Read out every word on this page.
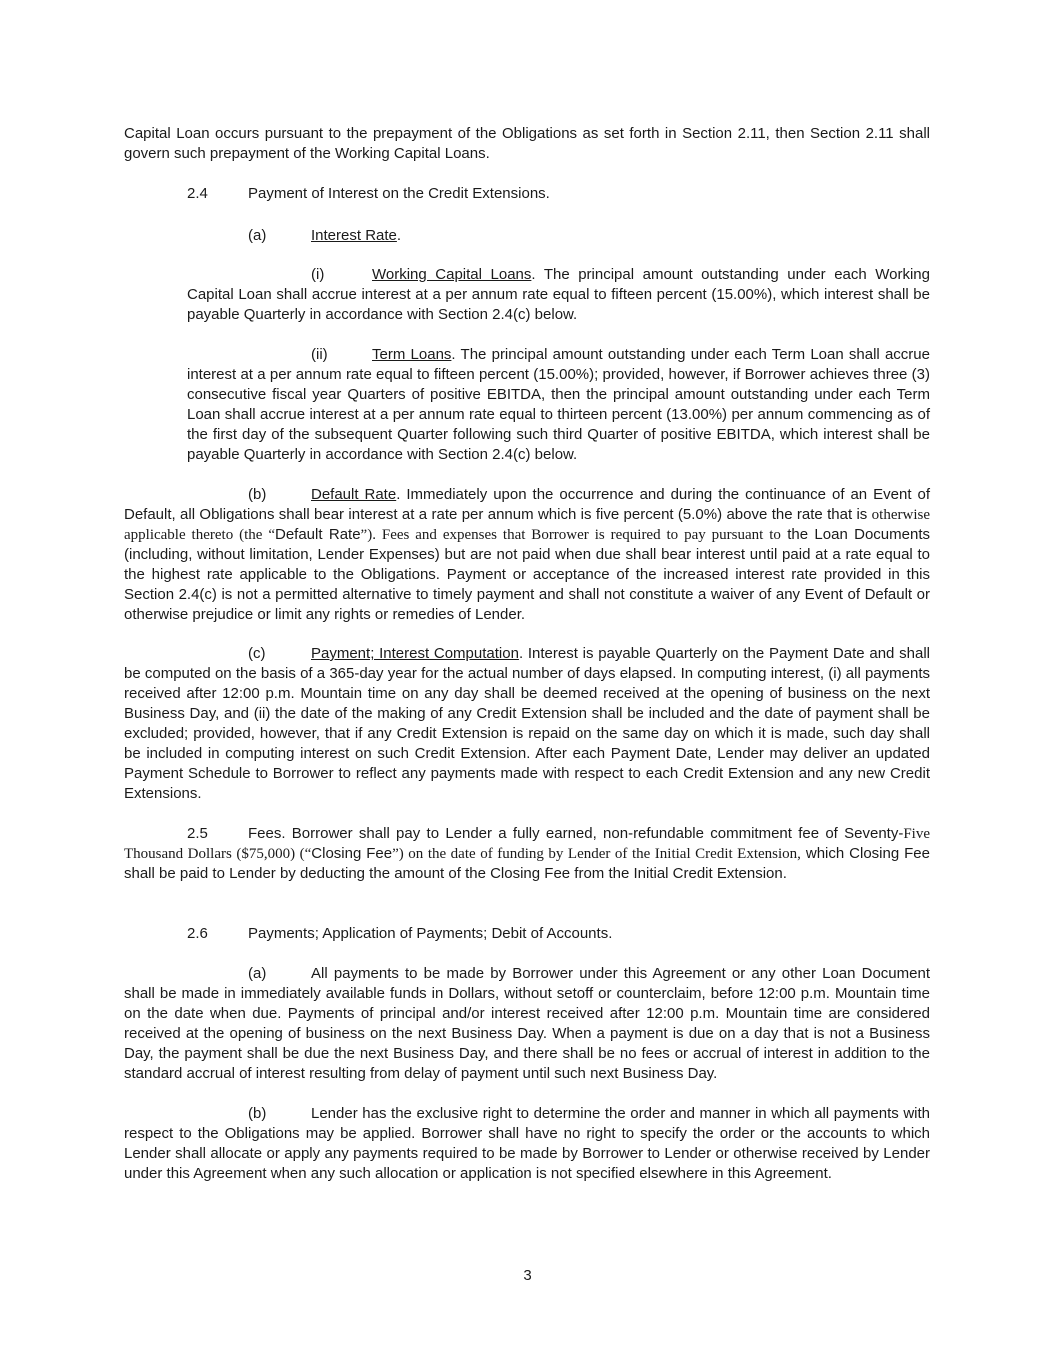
Capital Loan occurs pursuant to the prepayment of the Obligations as set forth in Section 2.11, then Section 2.11 shall govern such prepayment of the Working Capital Loans.

2.4	Payment of Interest on the Credit Extensions.

(a)	Interest Rate.

(i)	Working Capital Loans. The principal amount outstanding under each Working Capital Loan shall accrue interest at a per annum rate equal to fifteen percent (15.00%), which interest shall be payable Quarterly in accordance with Section 2.4(c) below.

(ii)	Term Loans. The principal amount outstanding under each Term Loan shall accrue interest at a per annum rate equal to fifteen percent (15.00%); provided, however, if Borrower achieves three (3) consecutive fiscal year Quarters of positive EBITDA, then the principal amount outstanding under each Term Loan shall accrue interest at a per annum rate equal to thirteen percent (13.00%) per annum commencing as of the first day of the subsequent Quarter following such third Quarter of positive EBITDA, which interest shall be payable Quarterly in accordance with Section 2.4(c) below.

(b)	Default Rate. Immediately upon the occurrence and during the continuance of an Event of Default, all Obligations shall bear interest at a rate per annum which is five percent (5.0%) above the rate that is otherwise applicable thereto (the “Default Rate”). Fees and expenses that Borrower is required to pay pursuant to the Loan Documents (including, without limitation, Lender Expenses) but are not paid when due shall bear interest until paid at a rate equal to the highest rate applicable to the Obligations. Payment or acceptance of the increased interest rate provided in this Section 2.4(c) is not a permitted alternative to timely payment and shall not constitute a waiver of any Event of Default or otherwise prejudice or limit any rights or remedies of Lender.

(c)	Payment; Interest Computation. Interest is payable Quarterly on the Payment Date and shall be computed on the basis of a 365-day year for the actual number of days elapsed. In computing interest, (i) all payments received after 12:00 p.m. Mountain time on any day shall be deemed received at the opening of business on the next Business Day, and (ii) the date of the making of any Credit Extension shall be included and the date of payment shall be excluded; provided, however, that if any Credit Extension is repaid on the same day on which it is made, such day shall be included in computing interest on such Credit Extension. After each Payment Date, Lender may deliver an updated Payment Schedule to Borrower to reflect any payments made with respect to each Credit Extension and any new Credit Extensions.

2.5	Fees. Borrower shall pay to Lender a fully earned, non-refundable commitment fee of Seventy-Five Thousand Dollars ($75,000) (“Closing Fee”) on the date of funding by Lender of the Initial Credit Extension, which Closing Fee shall be paid to Lender by deducting the amount of the Closing Fee from the Initial Credit Extension.

2.6	Payments; Application of Payments; Debit of Accounts.

(a)	All payments to be made by Borrower under this Agreement or any other Loan Document shall be made in immediately available funds in Dollars, without setoff or counterclaim, before 12:00 p.m. Mountain time on the date when due. Payments of principal and/or interest received after 12:00 p.m. Mountain time are considered received at the opening of business on the next Business Day. When a payment is due on a day that is not a Business Day, the payment shall be due the next Business Day, and there shall be no fees or accrual of interest in addition to the standard accrual of interest resulting from delay of payment until such next Business Day.

(b)	Lender has the exclusive right to determine the order and manner in which all payments with respect to the Obligations may be applied. Borrower shall have no right to specify the order or the accounts to which Lender shall allocate or apply any payments required to be made by Borrower to Lender or otherwise received by Lender under this Agreement when any such allocation or application is not specified elsewhere in this Agreement.

3
